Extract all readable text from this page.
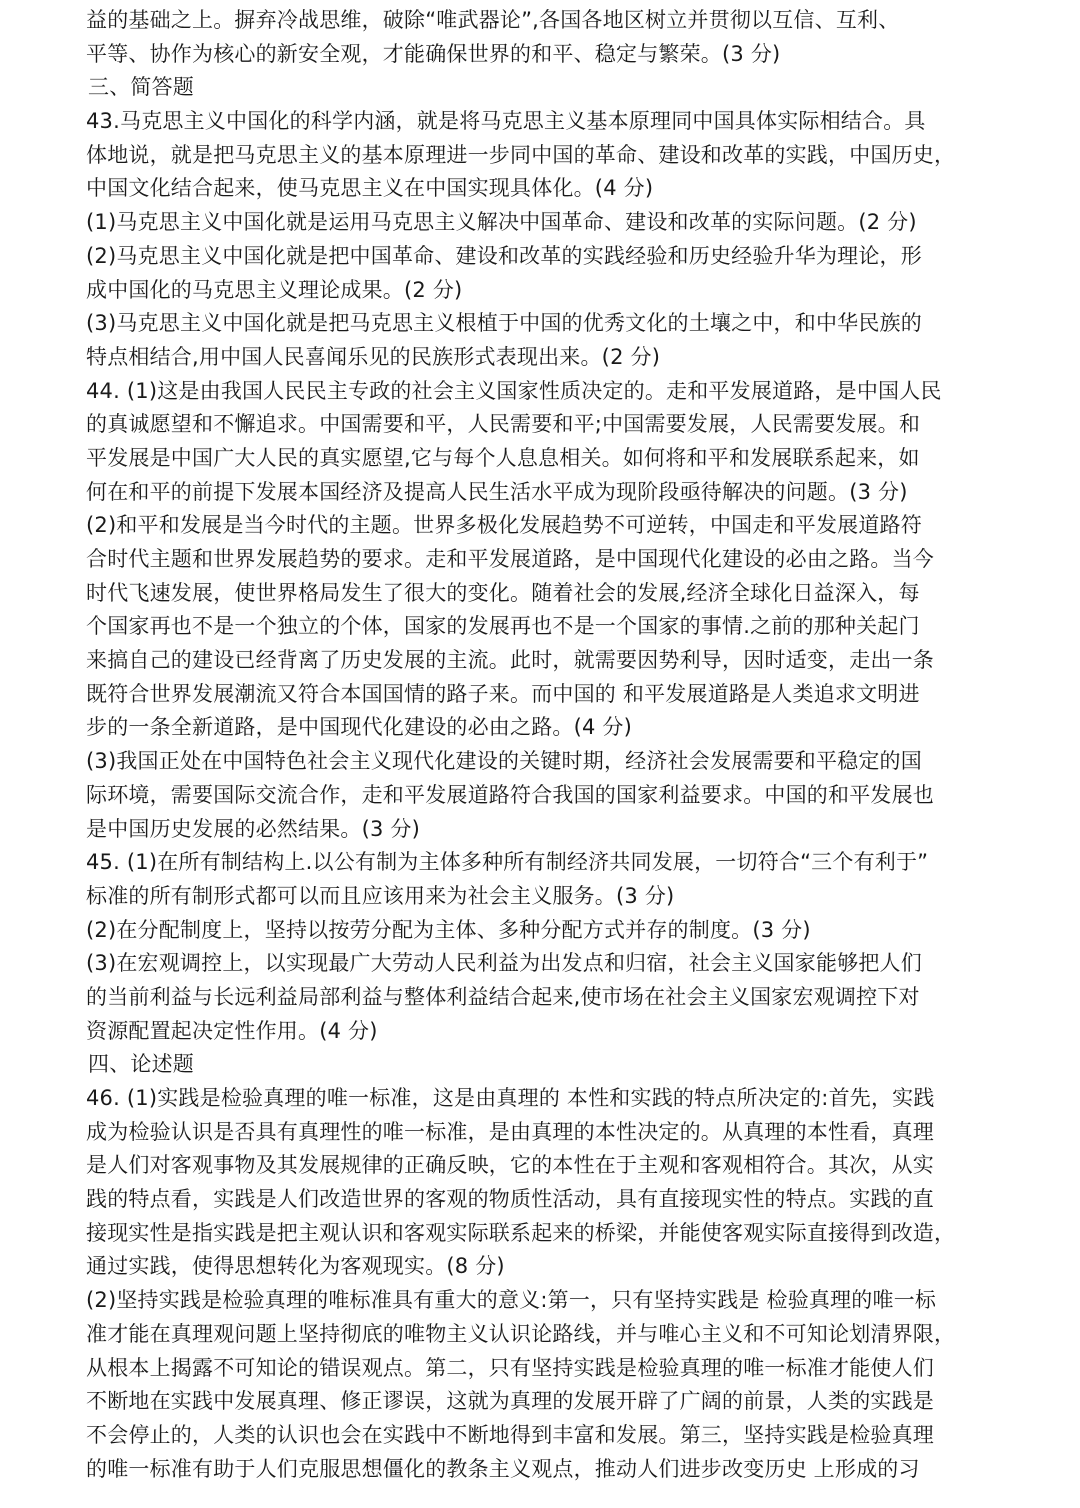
益的基础之上。摒弃冷战思维，破除“唯武器论”,各国各地区树立并贯彻以互信、互利、
平等、协作为核心的新安全观，才能确保世界的和平、稳定与繁荣。(3 分)
三、简答题
43.马克思主义中国化的科学内涵，就是将马克思主义基本原理同中国具体实际相结合。具
体地说，就是把马克思主义的基本原理进一步同中国的革命、建设和改革的实践，中国历史，
中国文化结合起来，使马克思主义在中国实现具体化。(4 分)
(1)马克思主义中国化就是运用马克思主义解决中国革命、建设和改革的实际问题。(2 分)
(2)马克思主义中国化就是把中国革命、建设和改革的实践经验和历史经验升华为理论，形
成中国化的马克思主义理论成果。(2 分)
(3)马克思主义中国化就是把马克思主义根植于中国的优秀文化的土壤之中，和中华民族的
特点相结合,用中国人民喜闻乐见的民族形式表现出来。(2 分)
44. (1)这是由我国人民民主专政的社会主义国家性质决定的。走和平发展道路，是中国人民
的真诚愿望和不懈追求。中国需要和平，人民需要和平;中国需要发展，人民需要发展。和
平发展是中国广大人民的真实愿望,它与每个人息息相关。如何将和平和发展联系起来，如
何在和平的前提下发展本国经济及提高人民生活水平成为现阶段亟待解决的问题。(3 分)
(2)和平和发展是当今时代的主题。世界多极化发展趋势不可逆转，中国走和平发展道路符
合时代主题和世界发展趋势的要求。走和平发展道路，是中国现代化建设的必由之路。当今
时代飞速发展，使世界格局发生了很大的变化。随着社会的发展,经济全球化日益深入，每
个国家再也不是一个独立的个体，国家的发展再也不是一个国家的事情.之前的那种关起门
来搞自己的建设已经背离了历史发展的主流。此时，就需要因势利导，因时适变，走出一条
既符合世界发展潮流又符合本国国情的路子来。而中国的 和平发展道路是人类追求文明进
步的一条全新道路，是中国现代化建设的必由之路。(4 分)
(3)我国正处在中国特色社会主义现代化建设的关键时期，经济社会发展需要和平稳定的国
际环境，需要国际交流合作，走和平发展道路符合我国的国家利益要求。中国的和平发展也
是中国历史发展的必然结果。(3 分)
45. (1)在所有制结构上.以公有制为主体多种所有制经济共同发展，一切符合“三个有利于”
标准的所有制形式都可以而且应该用来为社会主义服务。(3 分)
(2)在分配制度上，坚持以按劳分配为主体、多种分配方式并存的制度。(3 分)
(3)在宏观调控上，以实现最广大劳动人民利益为出发点和归宿，社会主义国家能够把人们
的当前利益与长远利益局部利益与整体利益结合起来,使市场在社会主义国家宏观调控下对
资源配置起决定性作用。(4 分)
四、论述题
46. (1)实践是检验真理的唯一标准，这是由真理的 本性和实践的特点所决定的:首先，实践
成为检验认识是否具有真理性的唯一标准，是由真理的本性决定的。从真理的本性看，真理
是人们对客观事物及其发展规律的正确反映，它的本性在于主观和客观相符合。其次，从实
践的特点看，实践是人们改造世界的客观的物质性活动，具有直接现实性的特点。实践的直
接现实性是指实践是把主观认识和客观实际联系起来的桥梁，并能使客观实际直接得到改造，
通过实践，使得思想转化为客观现实。(8 分)
(2)坚持实践是检验真理的唯标准具有重大的意义:第一，只有坚持实践是 检验真理的唯一标
准才能在真理观问题上坚持彻底的唯物主义认识论路线，并与唯心主义和不可知论划清界限，
从根本上揭露不可知论的错误观点。第二，只有坚持实践是检验真理的唯一标准才能使人们
不断地在实践中发展真理、修正谬误，这就为真理的发展开辟了广阔的前景，人类的实践是
不会停止的，人类的认识也会在实践中不断地得到丰富和发展。第三，坚持实践是检验真理
的唯一标准有助于人们克服思想僵化的教条主义观点，推动人们进步改变历史 上形成的习
